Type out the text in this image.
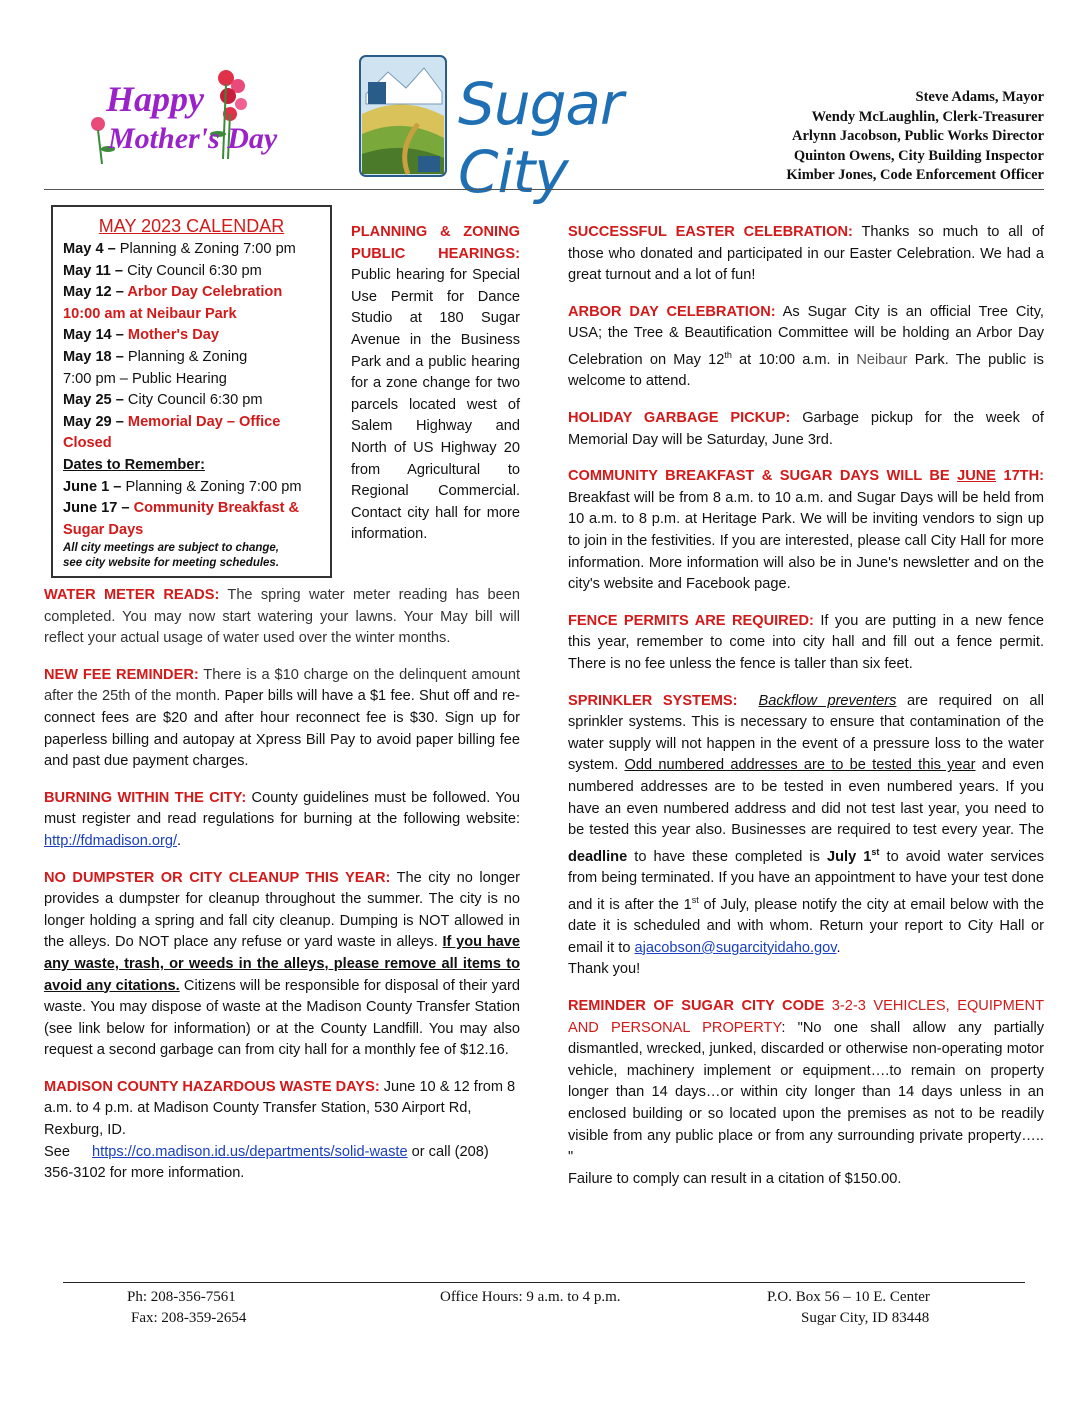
Happy
Mother's Day
Sugar City
Steve Adams, Mayor
Wendy McLaughlin, Clerk-Treasurer
Arlynn Jacobson, Public Works Director
Quinton Owens, City Building Inspector
Kimber Jones, Code Enforcement Officer
MAY 2023 CALENDAR
May 4 – Planning & Zoning 7:00 pm
May 11 – City Council 6:30 pm
May 12 – Arbor Day Celebration
10:00 am at Neibaur Park
May 14 – Mother's Day
May 18 – Planning & Zoning
7:00 pm – Public Hearing
May 25 – City Council 6:30 pm
May 29 – Memorial Day – Office
Closed
Dates to Remember:
June 1 – Planning & Zoning 7:00 pm
June 17 – Community Breakfast &
Sugar Days
All city meetings are subject to change,
see city website for meeting schedules.
PLANNING & ZONING
PUBLIC HEARINGS:
Public hearing for Special Use Permit for Dance Studio at 180 Sugar Avenue in the Business Park and a public hearing for a zone change for two parcels located west of Salem Highway and North of US Highway 20 from Agricultural to Regional Commercial. Contact city hall for more information.

WATER METER READS: The spring water meter reading has been completed. You may now start watering your lawns. Your May bill will reflect your actual usage of water used over the winter months.

NEW FEE REMINDER: There is a $10 charge on the delinquent amount after the 25th of the month. Paper bills will have a $1 fee. Shut off and re-connect fees are $20 and after hour reconnect fee is $30. Sign up for paperless billing and autopay at Xpress Bill Pay to avoid paper billing fee and past due payment charges.

BURNING WITHIN THE CITY: County guidelines must be followed. You must register and read regulations for burning at the following website: http://fdmadison.org/.

NO DUMPSTER OR CITY CLEANUP THIS YEAR: The city no longer provides a dumpster for cleanup throughout the summer. The city is no longer holding a spring and fall city cleanup. Dumping is NOT allowed in the alleys. Do NOT place any refuse or yard waste in alleys. If you have any waste, trash, or weeds in the alleys, please remove all items to avoid any citations. Citizens will be responsible for disposal of their yard waste. You may dispose of waste at the Madison County Transfer Station (see link below for information) or at the County Landfill. You may also request a second garbage can from city hall for a monthly fee of $12.16.

MADISON COUNTY HAZARDOUS WASTE DAYS: June 10 & 12 from 8 a.m. to 4 p.m. at Madison County Transfer Station, 530 Airport Rd, Rexburg, ID.
See https://co.madison.id.us/departments/solid-waste or call (208) 356-3102 for more information.

SUCCESSFUL EASTER CELEBRATION: Thanks so much to all of those who donated and participated in our Easter Celebration. We had a great turnout and a lot of fun!

ARBOR DAY CELEBRATION: As Sugar City is an official Tree City, USA; the Tree & Beautification Committee will be holding an Arbor Day Celebration on May 12th at 10:00 a.m. in Neibaur Park. The public is welcome to attend.

HOLIDAY GARBAGE PICKUP: Garbage pickup for the week of Memorial Day will be Saturday, June 3rd.

COMMUNITY BREAKFAST & SUGAR DAYS WILL BE JUNE 17TH: Breakfast will be from 8 a.m. to 10 a.m. and Sugar Days will be held from 10 a.m. to 8 p.m. at Heritage Park. We will be inviting vendors to sign up to join in the festivities. If you are interested, please call City Hall for more information. More information will also be in June's newsletter and on the city's website and Facebook page.

FENCE PERMITS ARE REQUIRED: If you are putting in a new fence this year, remember to come into city hall and fill out a fence permit. There is no fee unless the fence is taller than six feet.

SPRINKLER SYSTEMS: Backflow preventers are required on all sprinkler systems. This is necessary to ensure that contamination of the water supply will not happen in the event of a pressure loss to the water system. Odd numbered addresses are to be tested this year and even numbered addresses are to be tested in even numbered years. If you have an even numbered address and did not test last year, you need to be tested this year also. Businesses are required to test every year. The deadline to have these completed is July 1st to avoid water services from being terminated. If you have an appointment to have your test done and it is after the 1st of July, please notify the city at email below with the date it is scheduled and with whom. Return your report to City Hall or email it to ajacobson@sugarcityidaho.gov.
Thank you!

REMINDER OF SUGAR CITY CODE 3-2-3 VEHICLES, EQUIPMENT AND PERSONAL PROPERTY: "No one shall allow any partially dismantled, wrecked, junked, discarded or otherwise non-operating motor vehicle, machinery implement or equipment….to remain on property longer than 14 days…or within city longer than 14 days unless in an enclosed building or so located upon the premises as not to be readily visible from any public place or from any surrounding private property….. "
Failure to comply can result in a citation of $150.00.

Ph: 208-356-7561
Fax: 208-359-2654
Office Hours: 9 a.m. to 4 p.m.	P.O. Box 56 – 10 E. Center
Sugar City, ID 83448
